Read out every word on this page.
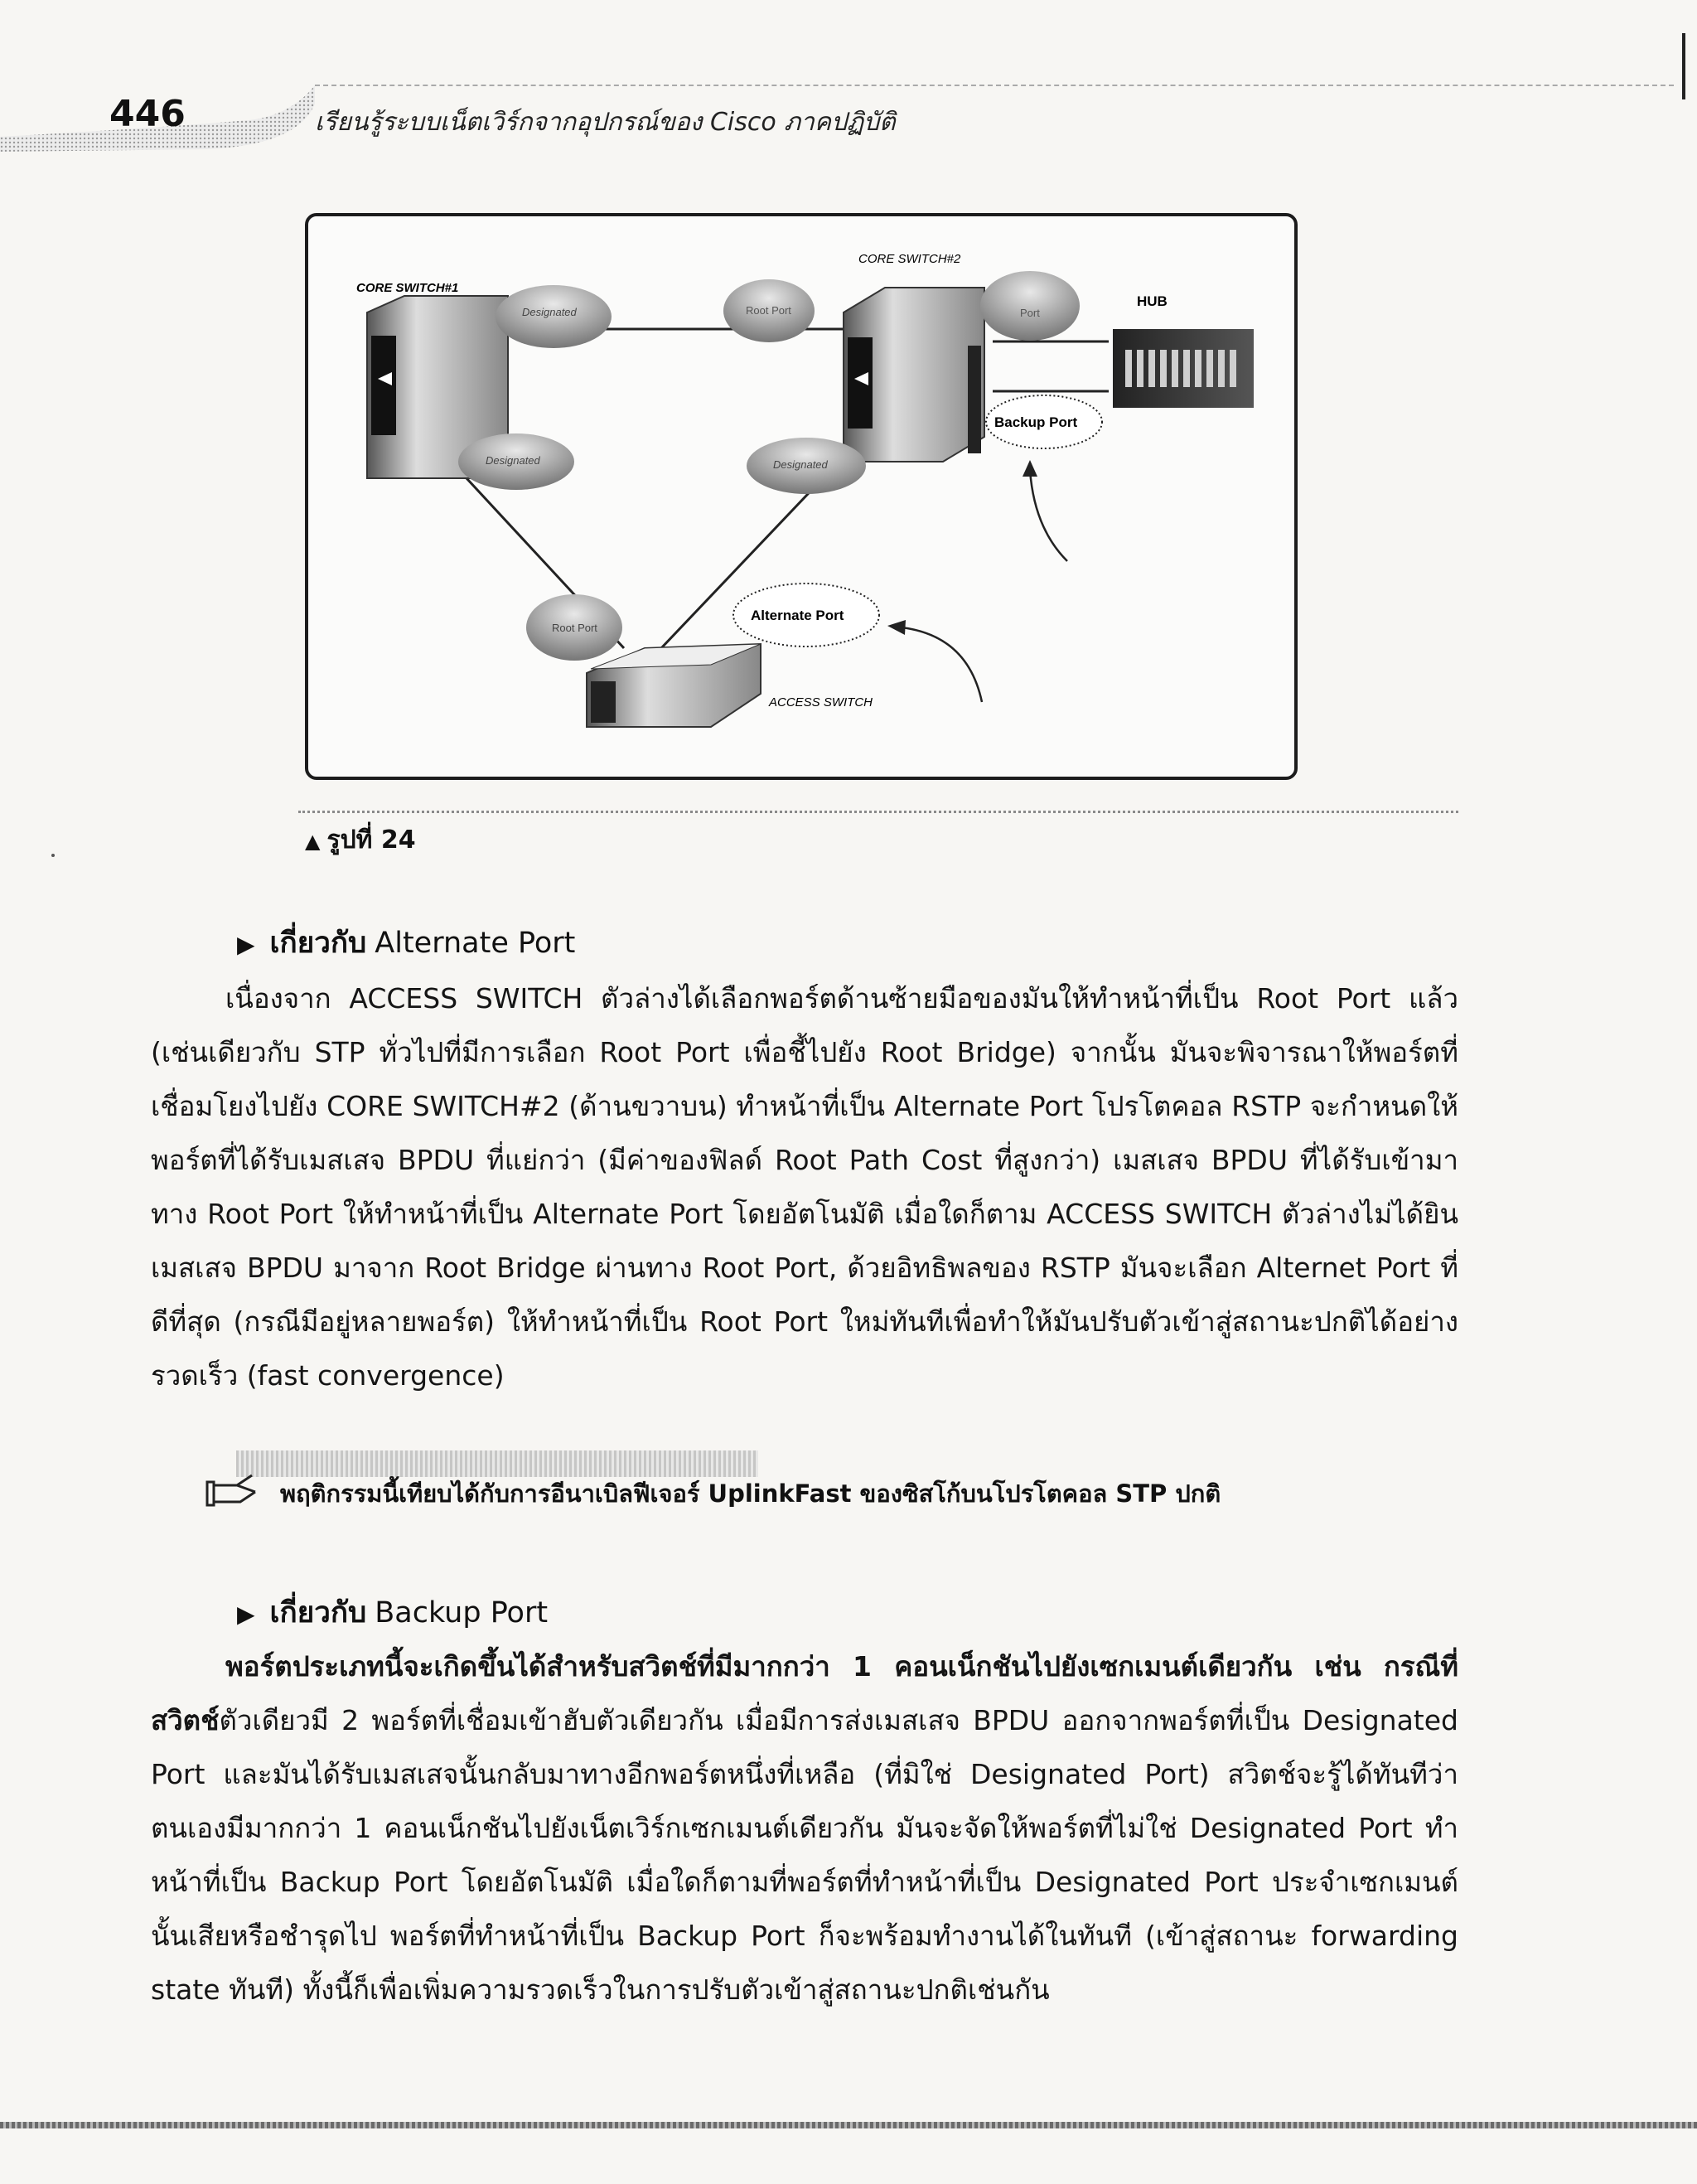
446	เรียนรู้ระบบเน็ตเวิร์กจากอุปกรณ์ของ Cisco ภาคปฏิบัติ
CORE SWITCH#1
CORE SWITCH#2
HUB
ACCESS SWITCH
Designated	Root Port	Port
Designated	Designated
Root Port
Backup Port
Alternate Port
▲ รูปที่ 24
▶ เกี่ยวกับ Alternate Port
เนื่องจาก ACCESS SWITCH ตัวล่างได้เลือกพอร์ตด้านซ้ายมือของมันให้ทำหน้าที่เป็น Root Port แล้ว (เช่นเดียวกับ STP ทั่วไปที่มีการเลือก Root Port เพื่อชี้ไปยัง Root Bridge) จากนั้น มันจะพิจารณาให้พอร์ตที่เชื่อมโยงไปยัง CORE SWITCH#2 (ด้านขวาบน) ทำหน้าที่เป็น Alternate Port โปรโตคอล RSTP จะกำหนดให้พอร์ตที่ได้รับเมสเสจ BPDU ที่แย่กว่า (มีค่าของฟิลด์ Root Path Cost ที่สูงกว่า) เมสเสจ BPDU ที่ได้รับเข้ามาทาง Root Port ให้ทำหน้าที่เป็น Alternate Port โดยอัตโนมัติ เมื่อใดก็ตาม ACCESS SWITCH ตัวล่างไม่ได้ยินเมสเสจ BPDU มาจาก Root Bridge ผ่านทาง Root Port, ด้วยอิทธิพลของ RSTP มันจะเลือก Alternet Port ที่ดีที่สุด (กรณีมีอยู่หลายพอร์ต) ให้ทำหน้าที่เป็น Root Port ใหม่ทันทีเพื่อทำให้มันปรับตัวเข้าสู่สถานะปกติได้อย่างรวดเร็ว (fast convergence)
พฤติกรรมนี้เทียบได้กับการอีนาเบิลฟีเจอร์ UplinkFast ของซิสโก้บนโปรโตคอล STP ปกติ
▶ เกี่ยวกับ Backup Port
พอร์ตประเภทนี้จะเกิดขึ้นได้สำหรับสวิตช์ที่มีมากกว่า 1 คอนเน็กชันไปยังเซกเมนต์เดียวกัน เช่น กรณีที่สวิตช์ตัวเดียวมี 2 พอร์ตที่เชื่อมเข้าฮับตัวเดียวกัน เมื่อมีการส่งเมสเสจ BPDU ออกจากพอร์ตที่เป็น Designated Port และมันได้รับเมสเสจนั้นกลับมาทางอีกพอร์ตหนึ่งที่เหลือ (ที่มิใช่ Designated Port) สวิตช์จะรู้ได้ทันทีว่าตนเองมีมากกว่า 1 คอนเน็กชันไปยังเน็ตเวิร์กเซกเมนต์เดียวกัน มันจะจัดให้พอร์ตที่ไม่ใช่ Designated Port ทำหน้าที่เป็น Backup Port โดยอัตโนมัติ เมื่อใดก็ตามที่พอร์ตที่ทำหน้าที่เป็น Designated Port ประจำเซกเมนต์นั้นเสียหรือชำรุดไป พอร์ตที่ทำหน้าที่เป็น Backup Port ก็จะพร้อมทำงานได้ในทันที (เข้าสู่สถานะ forwarding state ทันที) ทั้งนี้ก็เพื่อเพิ่มความรวดเร็วในการปรับตัวเข้าสู่สถานะปกติเช่นกัน
